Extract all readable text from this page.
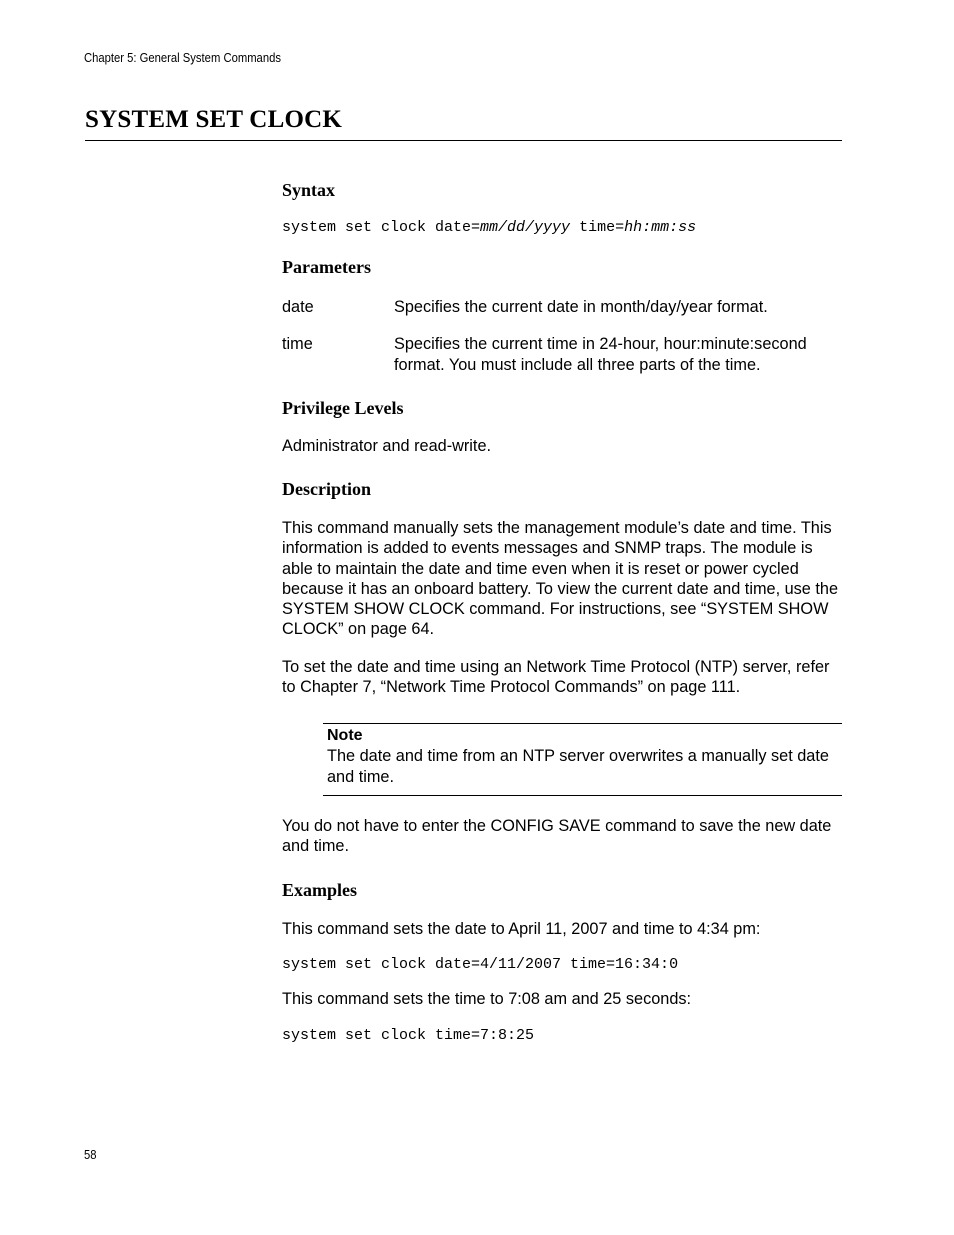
Chapter 5: General System Commands
SYSTEM SET CLOCK
Syntax
system set clock date=mm/dd/yyyy time=hh:mm:ss
Parameters
date	Specifies the current date in month/day/year format.
time	Specifies the current time in 24-hour, hour:minute:second format. You must include all three parts of the time.
Privilege Levels

Administrator and read-write.

Description

This command manually sets the management module’s date and time. This information is added to events messages and SNMP traps. The module is able to maintain the date and time even when it is reset or power cycled because it has an onboard battery. To view the current date and time, use the SYSTEM SHOW CLOCK command. For instructions, see “SYSTEM SHOW CLOCK” on page 64.

To set the date and time using an Network Time Protocol (NTP) server, refer to Chapter 7, “Network Time Protocol Commands” on page 111.

Note
The date and time from an NTP server overwrites a manually set date and time.

You do not have to enter the CONFIG SAVE command to save the new date and time.

Examples

This command sets the date to April 11, 2007 and time to 4:34 pm:

system set clock date=4/11/2007 time=16:34:0

This command sets the time to 7:08 am and 25 seconds:

system set clock time=7:8:25
58
